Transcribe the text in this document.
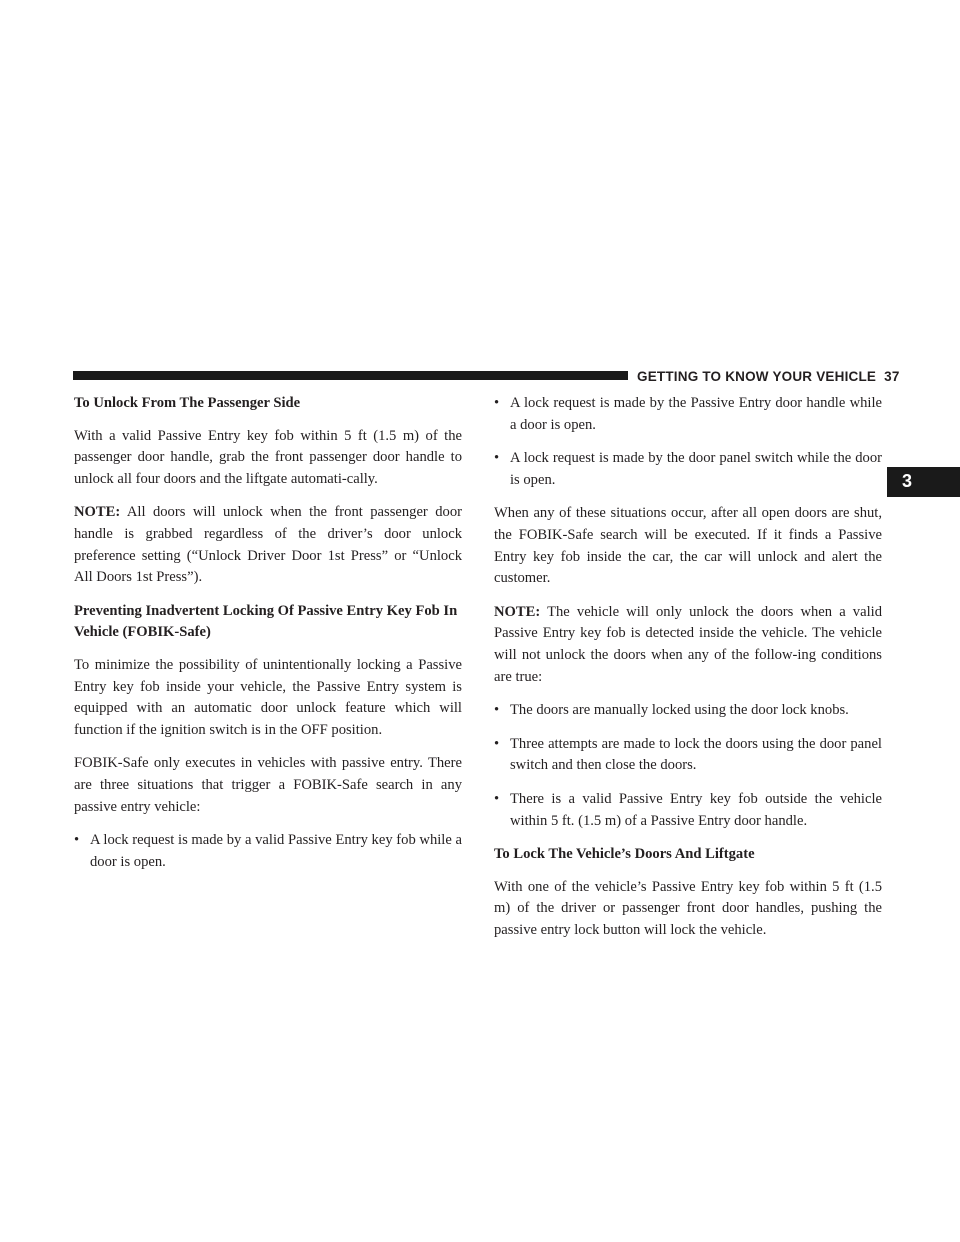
GETTING TO KNOW YOUR VEHICLE 37
3
To Unlock From The Passenger Side

With a valid Passive Entry key fob within 5 ft (1.5 m) of the passenger door handle, grab the front passenger door handle to unlock all four doors and the liftgate automati-cally.

NOTE: All doors will unlock when the front passenger door handle is grabbed regardless of the driver’s door unlock preference setting (“Unlock Driver Door 1st Press” or “Unlock All Doors 1st Press”).

Preventing Inadvertent Locking Of Passive Entry Key Fob In Vehicle (FOBIK-Safe)

To minimize the possibility of unintentionally locking a Passive Entry key fob inside your vehicle, the Passive Entry system is equipped with an automatic door unlock feature which will function if the ignition switch is in the OFF position.

FOBIK-Safe only executes in vehicles with passive entry. There are three situations that trigger a FOBIK-Safe search in any passive entry vehicle:

• A lock request is made by a valid Passive Entry key fob while a door is open.
• A lock request is made by the Passive Entry door handle while a door is open.
• A lock request is made by the door panel switch while the door is open.

When any of these situations occur, after all open doors are shut, the FOBIK-Safe search will be executed. If it finds a Passive Entry key fob inside the car, the car will unlock and alert the customer.

NOTE: The vehicle will only unlock the doors when a valid Passive Entry key fob is detected inside the vehicle. The vehicle will not unlock the doors when any of the follow-ing conditions are true:

• The doors are manually locked using the door lock knobs.
• Three attempts are made to lock the doors using the door panel switch and then close the doors.
• There is a valid Passive Entry key fob outside the vehicle within 5 ft. (1.5 m) of a Passive Entry door handle.
To Lock The Vehicle’s Doors And Liftgate

With one of the vehicle’s Passive Entry key fob within 5 ft (1.5 m) of the driver or passenger front door handles, pushing the passive entry lock button will lock the vehicle.
